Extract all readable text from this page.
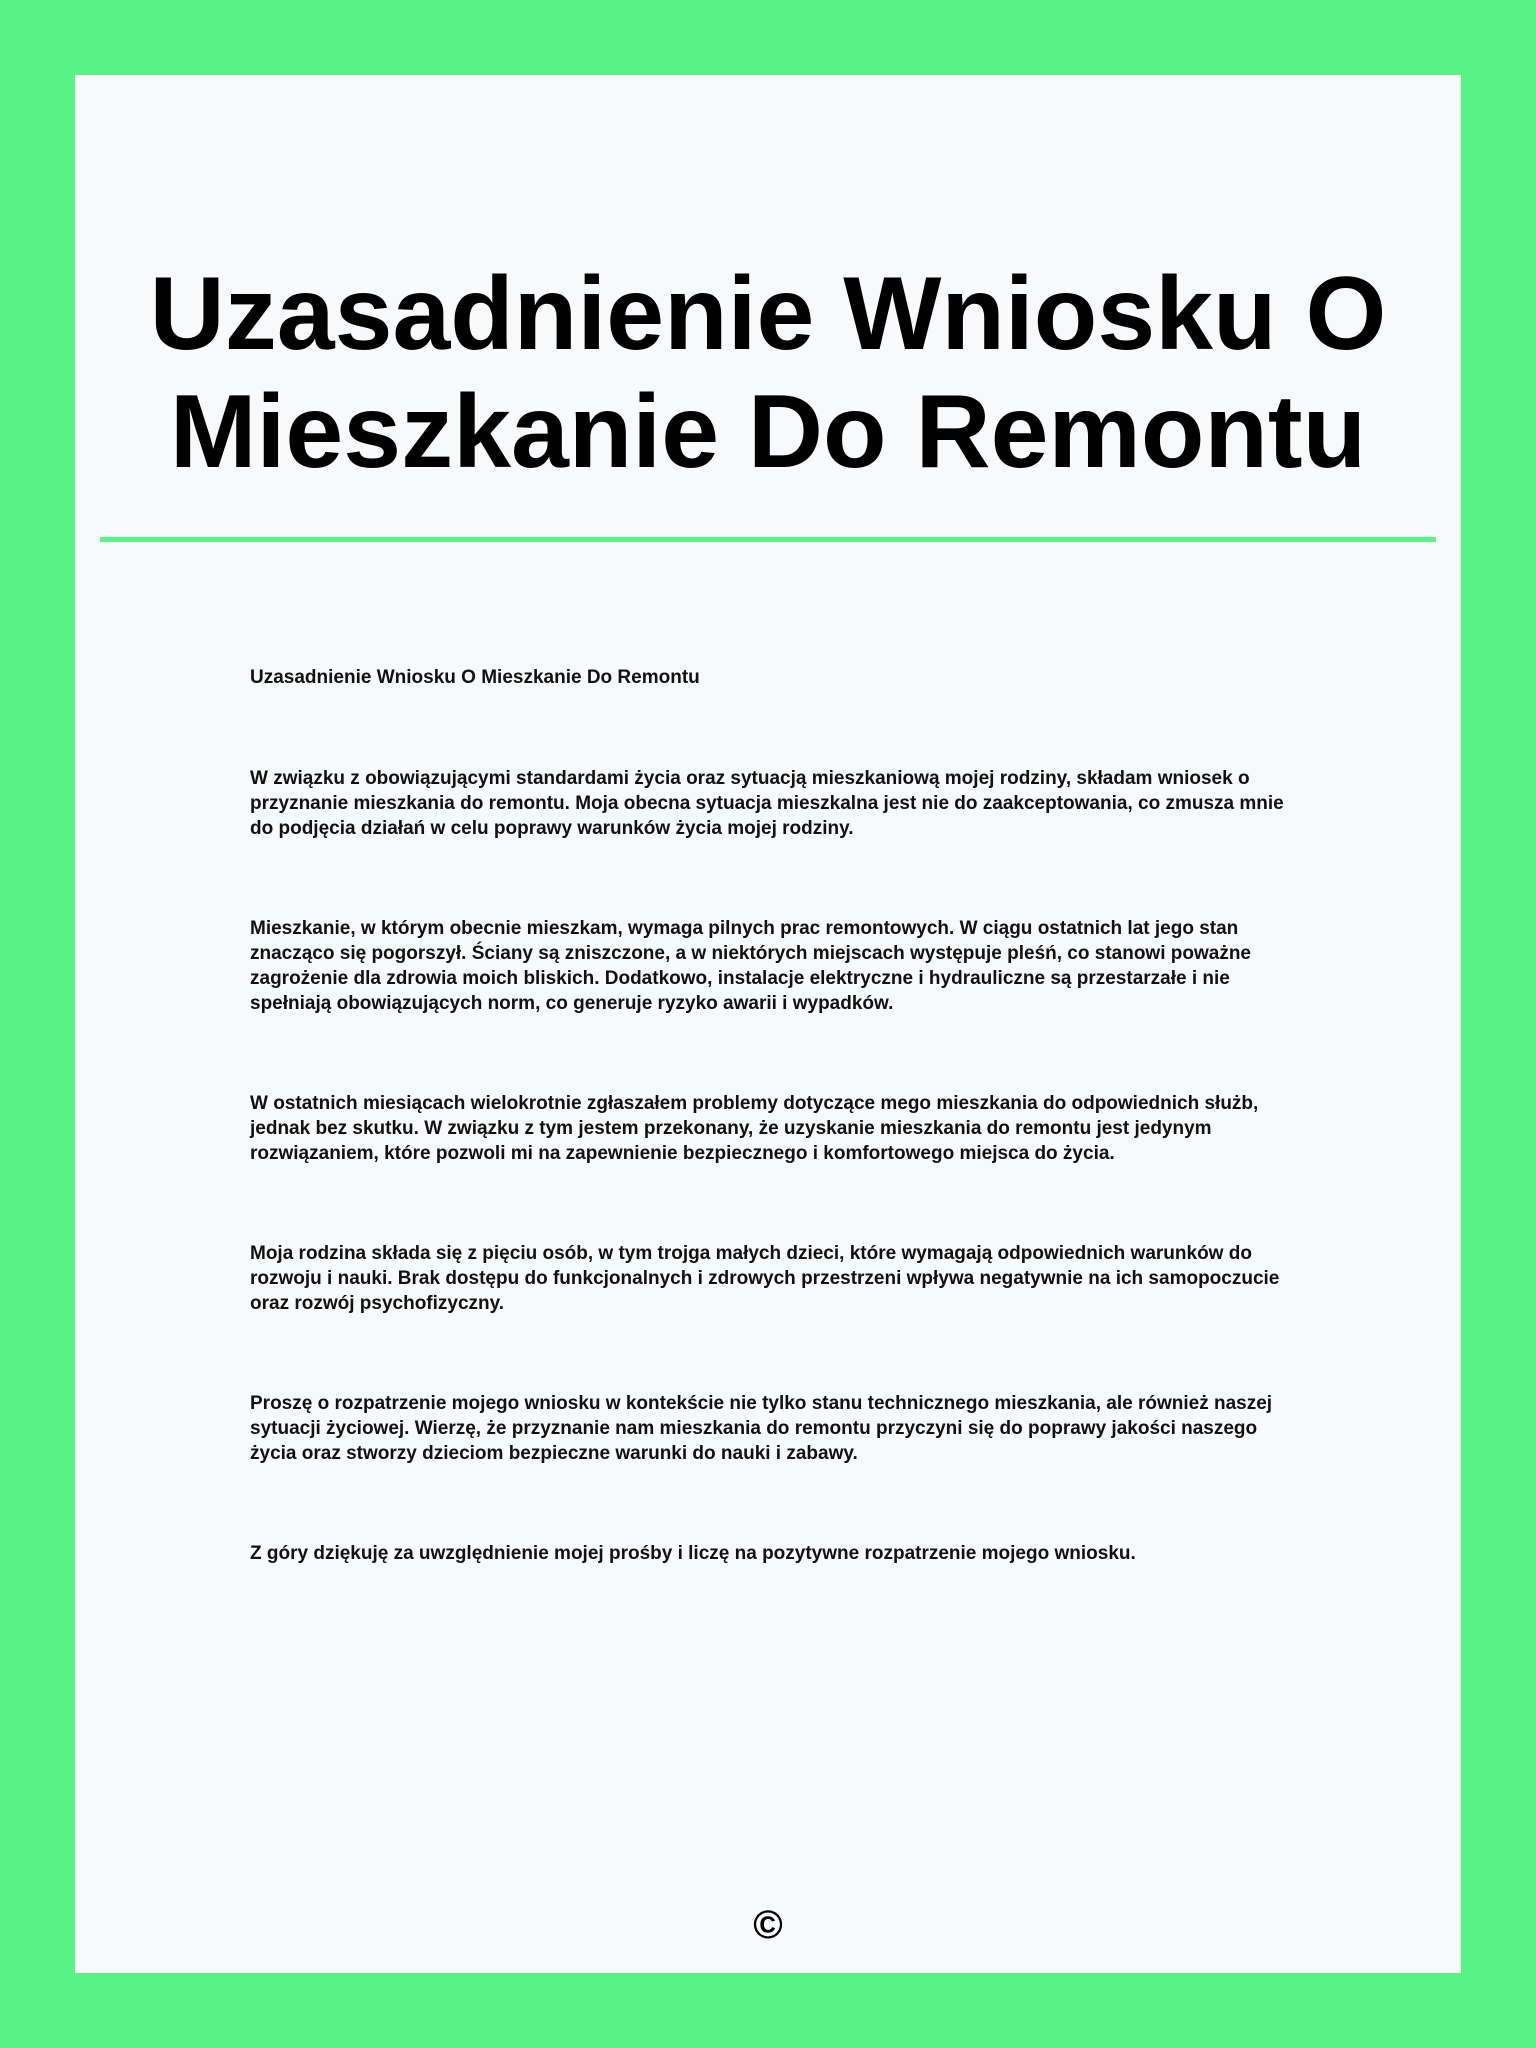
Uzasadnienie Wniosku O
Mieszkanie Do Remontu

Uzasadnienie Wniosku O Mieszkanie Do Remontu

W związku z obowiązującymi standardami życia oraz sytuacją mieszkaniową mojej rodziny, składam wniosek o przyznanie mieszkania do remontu. Moja obecna sytuacja mieszkalna jest nie do zaakceptowania, co zmusza mnie do podjęcia działań w celu poprawy warunków życia mojej rodziny.

Mieszkanie, w którym obecnie mieszkam, wymaga pilnych prac remontowych. W ciągu ostatnich lat jego stan znacząco się pogorszył. Ściany są zniszczone, a w niektórych miejscach występuje pleśń, co stanowi poważne zagrożenie dla zdrowia moich bliskich. Dodatkowo, instalacje elektryczne i hydrauliczne są przestarzałe i nie spełniają obowiązujących norm, co generuje ryzyko awarii i wypadków.

W ostatnich miesiącach wielokrotnie zgłaszałem problemy dotyczące mego mieszkania do odpowiednich służb, jednak bez skutku. W związku z tym jestem przekonany, że uzyskanie mieszkania do remontu jest jedynym rozwiązaniem, które pozwoli mi na zapewnienie bezpiecznego i komfortowego miejsca do życia.

Moja rodzina składa się z pięciu osób, w tym trojga małych dzieci, które wymagają odpowiednich warunków do rozwoju i nauki. Brak dostępu do funkcjonalnych i zdrowych przestrzeni wpływa negatywnie na ich samopoczucie oraz rozwój psychofizyczny.

Proszę o rozpatrzenie mojego wniosku w kontekście nie tylko stanu technicznego mieszkania, ale również naszej sytuacji życiowej. Wierzę, że przyznanie nam mieszkania do remontu przyczyni się do poprawy jakości naszego życia oraz stworzy dzieciom bezpieczne warunki do nauki i zabawy.

Z góry dziękuję za uwzględnienie mojej prośby i liczę na pozytywne rozpatrzenie mojego wniosku.

©
